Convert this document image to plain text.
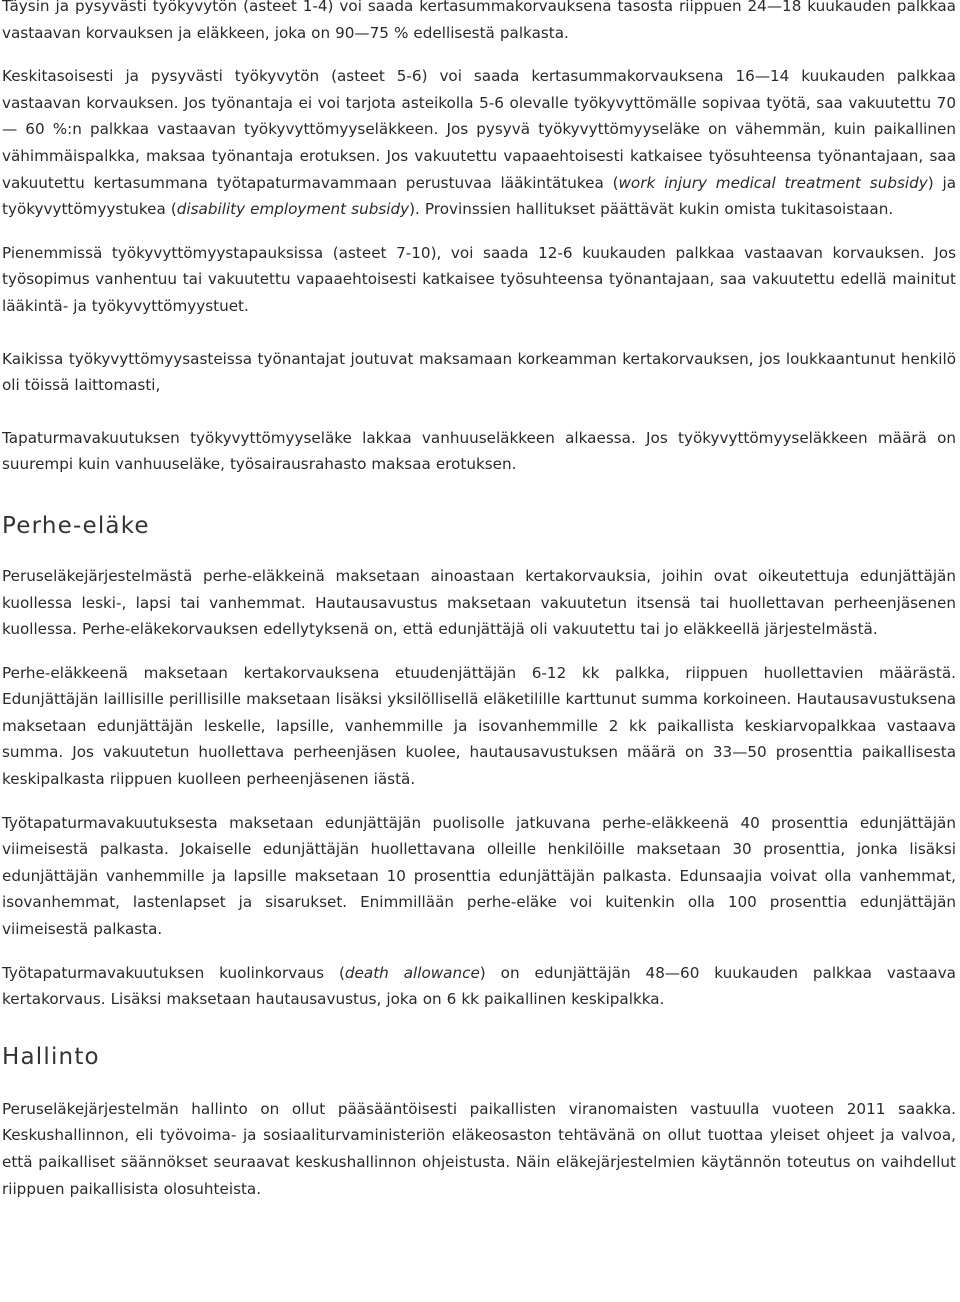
Täysin ja pysyvästi työkyvytön (asteet 1-4) voi saada kertasummakorvauksena tasosta riippuen 24—18 kuukauden palkkaa vastaavan korvauksen ja eläkkeen, joka on 90—75 % edellisestä palkasta.

Keskitasoisesti ja pysyvästi työkyvytön (asteet 5-6) voi saada kertasummakorvauksena 16—14 kuukauden palkkaa vastaavan korvauksen. Jos työnantaja ei voi tarjota asteikolla 5-6 olevalle työkyvyttömälle sopivaa työtä, saa vakuutettu 70 — 60 %:n palkkaa vastaavan työkyvyttömyyseläkkeen. Jos pysyvä työkyvyttömyyseläke on vähemmän, kuin paikallinen vähimmäispalkka, maksaa työnantaja erotuksen. Jos vakuutettu vapaaehtoisesti katkaisee työsuhteensa työnantajaan, saa vakuutettu kertasummana työtapaturmavammaan perustuvaa lääkintätukea (work injury medical treatment subsidy) ja työkyvyttömyystukea (disability employment subsidy). Provinssien hallitukset päättävät kukin omista tukitasoistaan.

Pienemmissä työkyvyttömyystapauksissa (asteet 7-10), voi saada 12-6 kuukauden palkkaa vastaavan korvauksen. Jos työsopimus vanhentuu tai vakuutettu vapaaehtoisesti katkaisee työsuhteensa työnantajaan, saa vakuutettu edellä mainitut lääkintä- ja työkyvyttömyystuet.

Kaikissa työkyvyttömyysasteissa työnantajat joutuvat maksamaan korkeamman kertakorvauksen, jos loukkaantunut henkilö oli töissä laittomasti,

Tapaturmavakuutuksen työkyvyttömyyseläke lakkaa vanhuuseläkkeen alkaessa. Jos työkyvyttömyyseläkkeen määrä on suurempi kuin vanhuuseläke, työsairausrahasto maksaa erotuksen.

Perhe-eläke

Peruseläkejärjestelmästä perhe-eläkkeinä maksetaan ainoastaan kertakorvauksia, joihin ovat oikeutettuja edunjättäjän kuollessa leski-, lapsi tai vanhemmat. Hautausavustus maksetaan vakuutetun itsensä tai huollettavan perheenjäsenen kuollessa. Perhe-eläkekorvauksen edellytyksenä on, että edunjättäjä oli vakuutettu tai jo eläkkeellä järjestelmästä.

Perhe-eläkkeenä maksetaan kertakorvauksena etuudenjättäjän 6-12 kk palkka, riippuen huollettavien määrästä. Edunjättäjän laillisille perillisille maksetaan lisäksi yksilöllisellä eläketilille karttunut summa korkoineen. Hautausavustuksena maksetaan edunjättäjän leskelle, lapsille, vanhemmille ja isovanhemmille 2 kk paikallista keskiarvopalkkaa vastaava summa. Jos vakuutetun huollettava perheenjäsen kuolee, hautausavustuksen määrä on 33—50 prosenttia paikallisesta keskipalkasta riippuen kuolleen perheenjäsenen iästä.

Työtapaturmavakuutuksesta maksetaan edunjättäjän puolisolle jatkuvana perhe-eläkkeenä 40 prosenttia edunjättäjän viimeisestä palkasta. Jokaiselle edunjättäjän huollettavana olleille henkilöille maksetaan 30 prosenttia, jonka lisäksi edunjättäjän vanhemmille ja lapsille maksetaan 10 prosenttia edunjättäjän palkasta. Edunsaajia voivat olla vanhemmat, isovanhemmat, lastenlapset ja sisarukset. Enimmillään perhe-eläke voi kuitenkin olla 100 prosenttia edunjättäjän viimeisestä palkasta.

Työtapaturmavakuutuksen kuolinkorvaus (death allowance) on edunjättäjän 48—60 kuukauden palkkaa vastaava kertakorvaus. Lisäksi maksetaan hautausavustus, joka on 6 kk paikallinen keskipalkka.

Hallinto

Peruseläkejärjestelmän hallinto on ollut pääsääntöisesti paikallisten viranomaisten vastuulla vuoteen 2011 saakka. Keskushallinnon, eli työvoima- ja sosiaaliturvaministeriön eläkeosaston tehtävänä on ollut tuottaa yleiset ohjeet ja valvoa, että paikalliset säännökset seuraavat keskushallinnon ohjeistusta. Näin eläkejärjestelmien käytännön toteutus on vaihdellut riippuen paikallisista olosuhteista.
